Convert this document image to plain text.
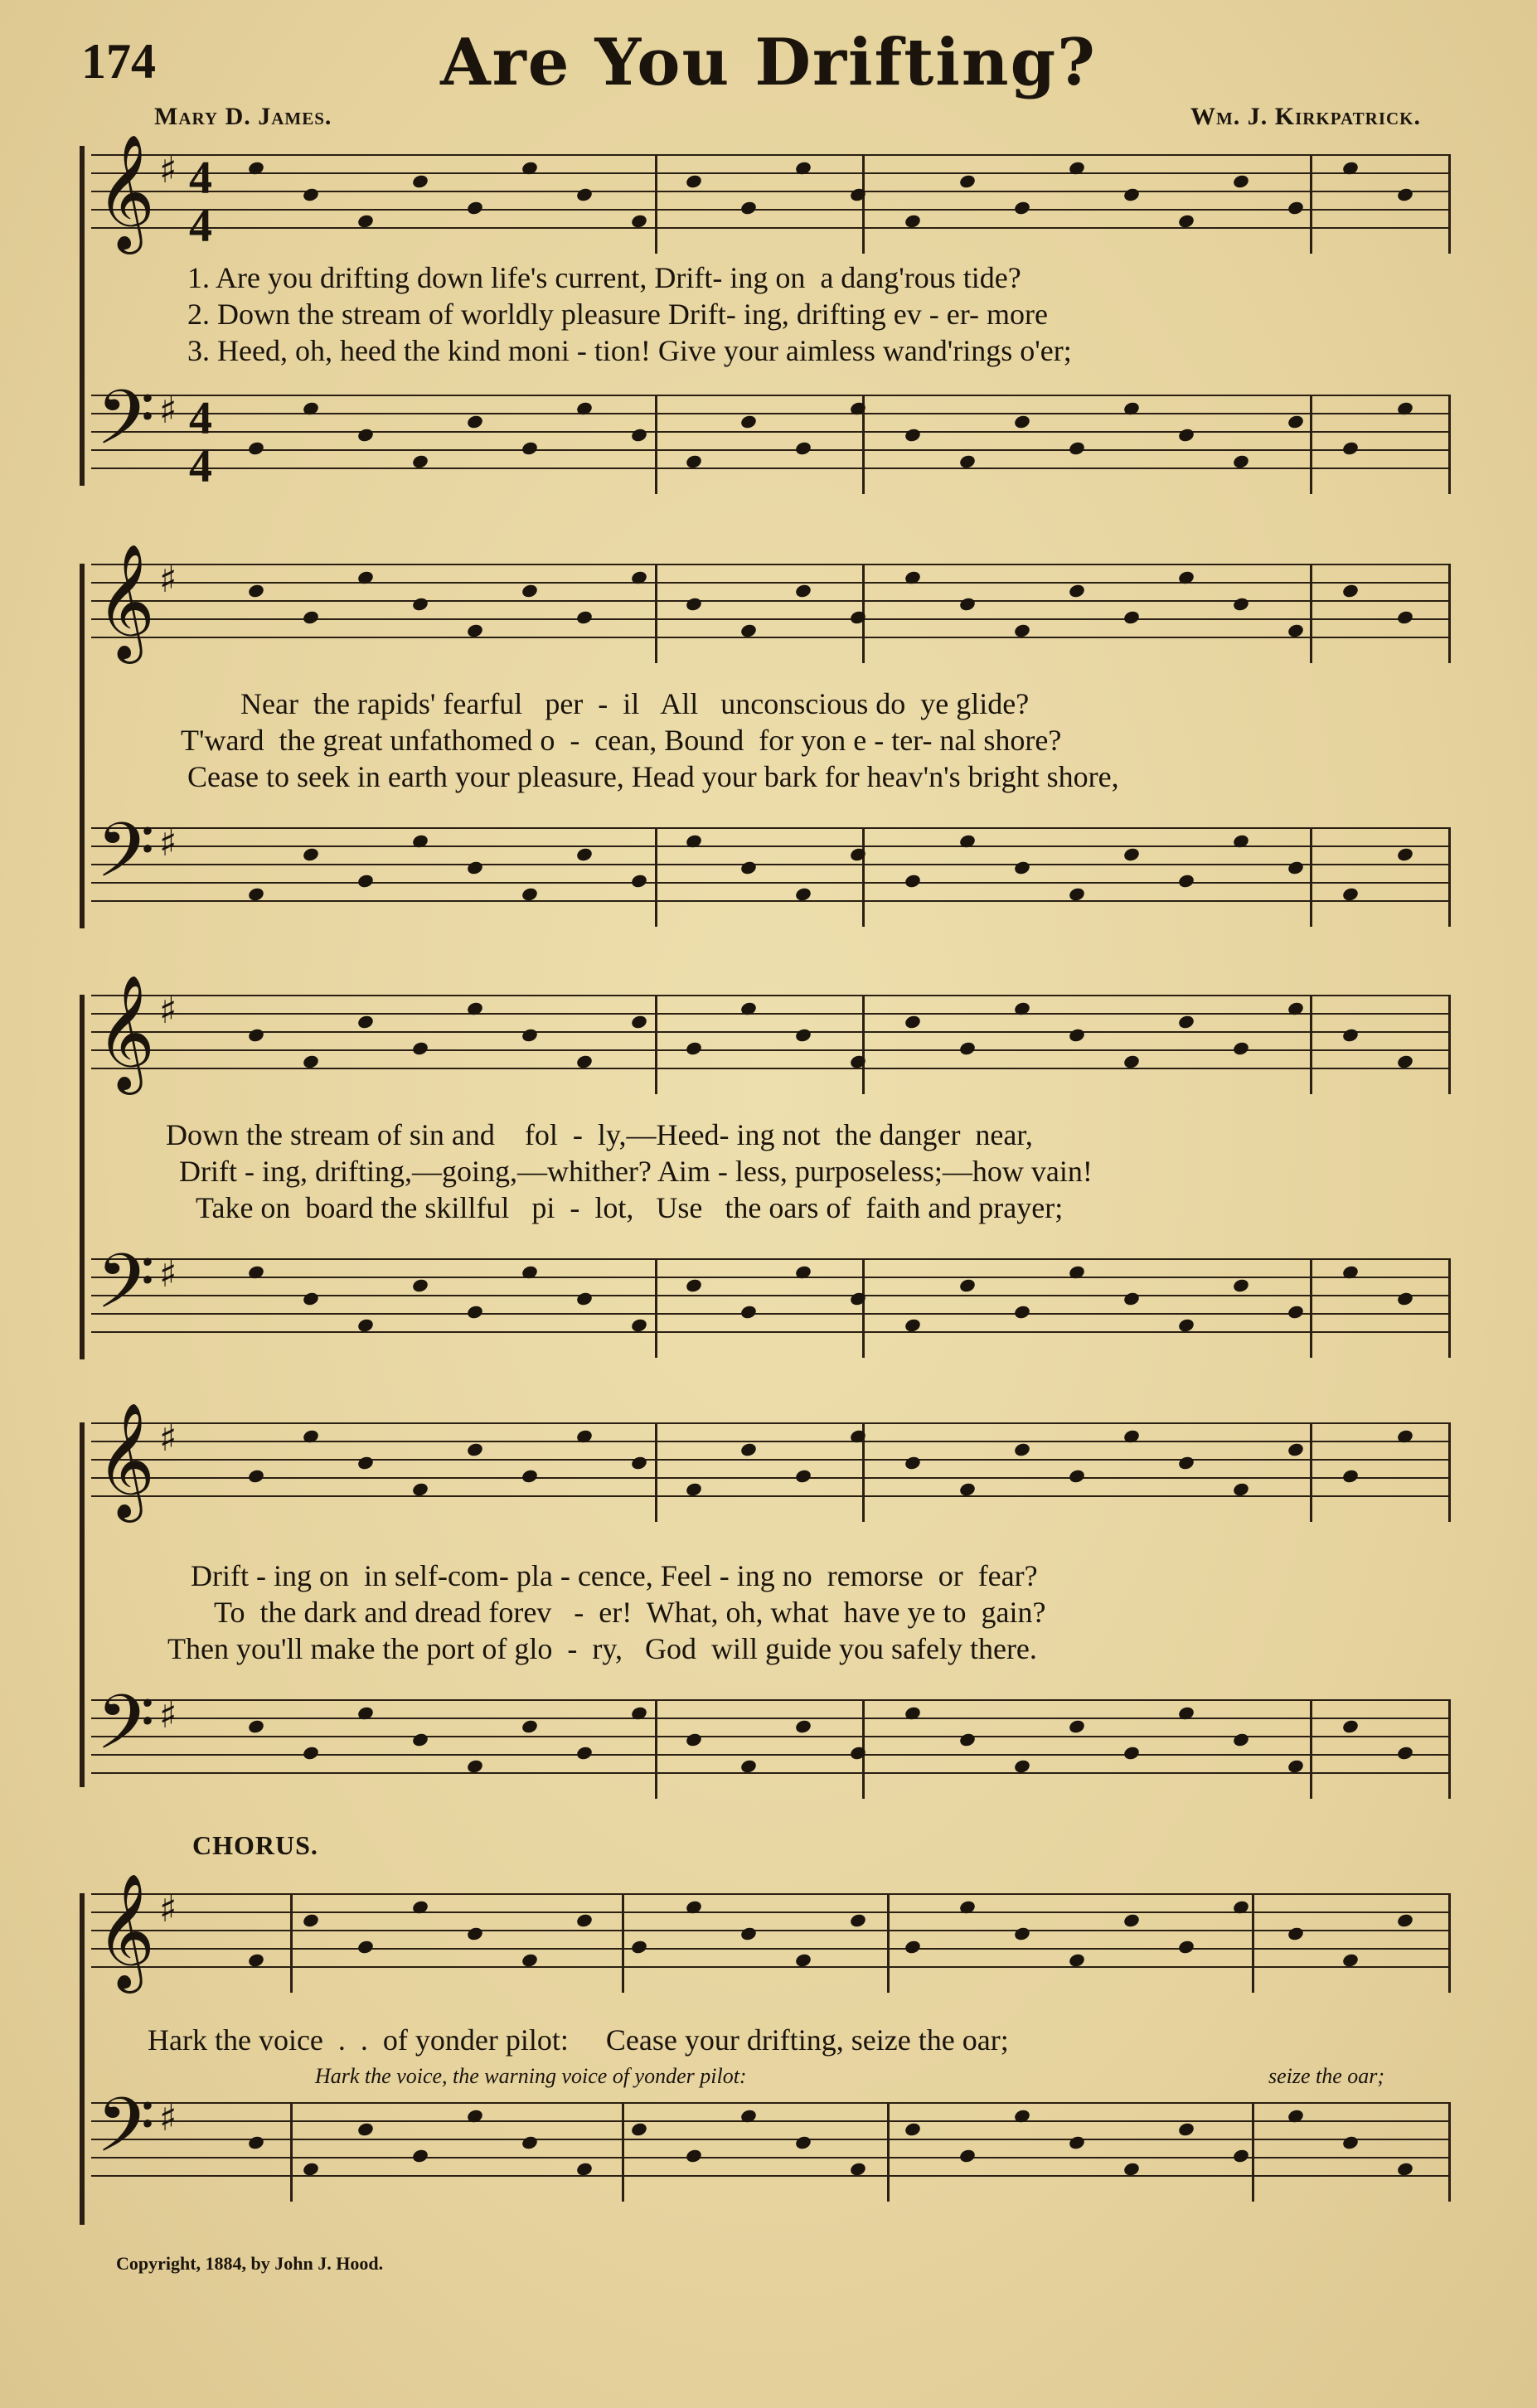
174	Are You Drifting?
Mary D. James.	Wm. J. Kirkpatrick.
𝄞 ♯ 4
4
1. Are you drifting down life's current, Drift- ing on  a dang'rous tide?
2. Down the stream of worldly pleasure Drift- ing, drifting ev - er- more
3. Heed, oh, heed the kind moni - tion! Give your aimless wand'rings o'er;
𝄢 ♯ 4
4
𝄞 ♯
Near  the rapids' fearful   per  -  il   All   unconscious do  ye glide?
T'ward  the great unfathomed o  -  cean, Bound  for yon e - ter- nal shore?
Cease to seek in earth your pleasure, Head your bark for heav'n's bright shore,
𝄢 ♯
𝄞 ♯
Down the stream of sin and    fol  -  ly,—Heed- ing not  the danger  near,
Drift - ing, drifting,—going,—whither? Aim - less, purposeless;—how vain!
Take on  board the skillful   pi  -  lot,   Use   the oars of  faith and prayer;
𝄢 ♯
𝄞 ♯
Drift - ing on  in self-com- pla - cence, Feel - ing no  remorse  or  fear?
To  the dark and dread forev   -  er!  What, oh, what  have ye to  gain?
Then you'll make the port of glo  -  ry,   God  will guide you safely there.
𝄢 ♯
CHORUS.
𝄞 ♯
Hark the voice  .  .  of yonder pilot:     Cease your drifting, seize the oar;
Hark the voice, the warning voice of yonder pilot:	seize the oar;
𝄢 ♯
Copyright, 1884, by John J. Hood.
